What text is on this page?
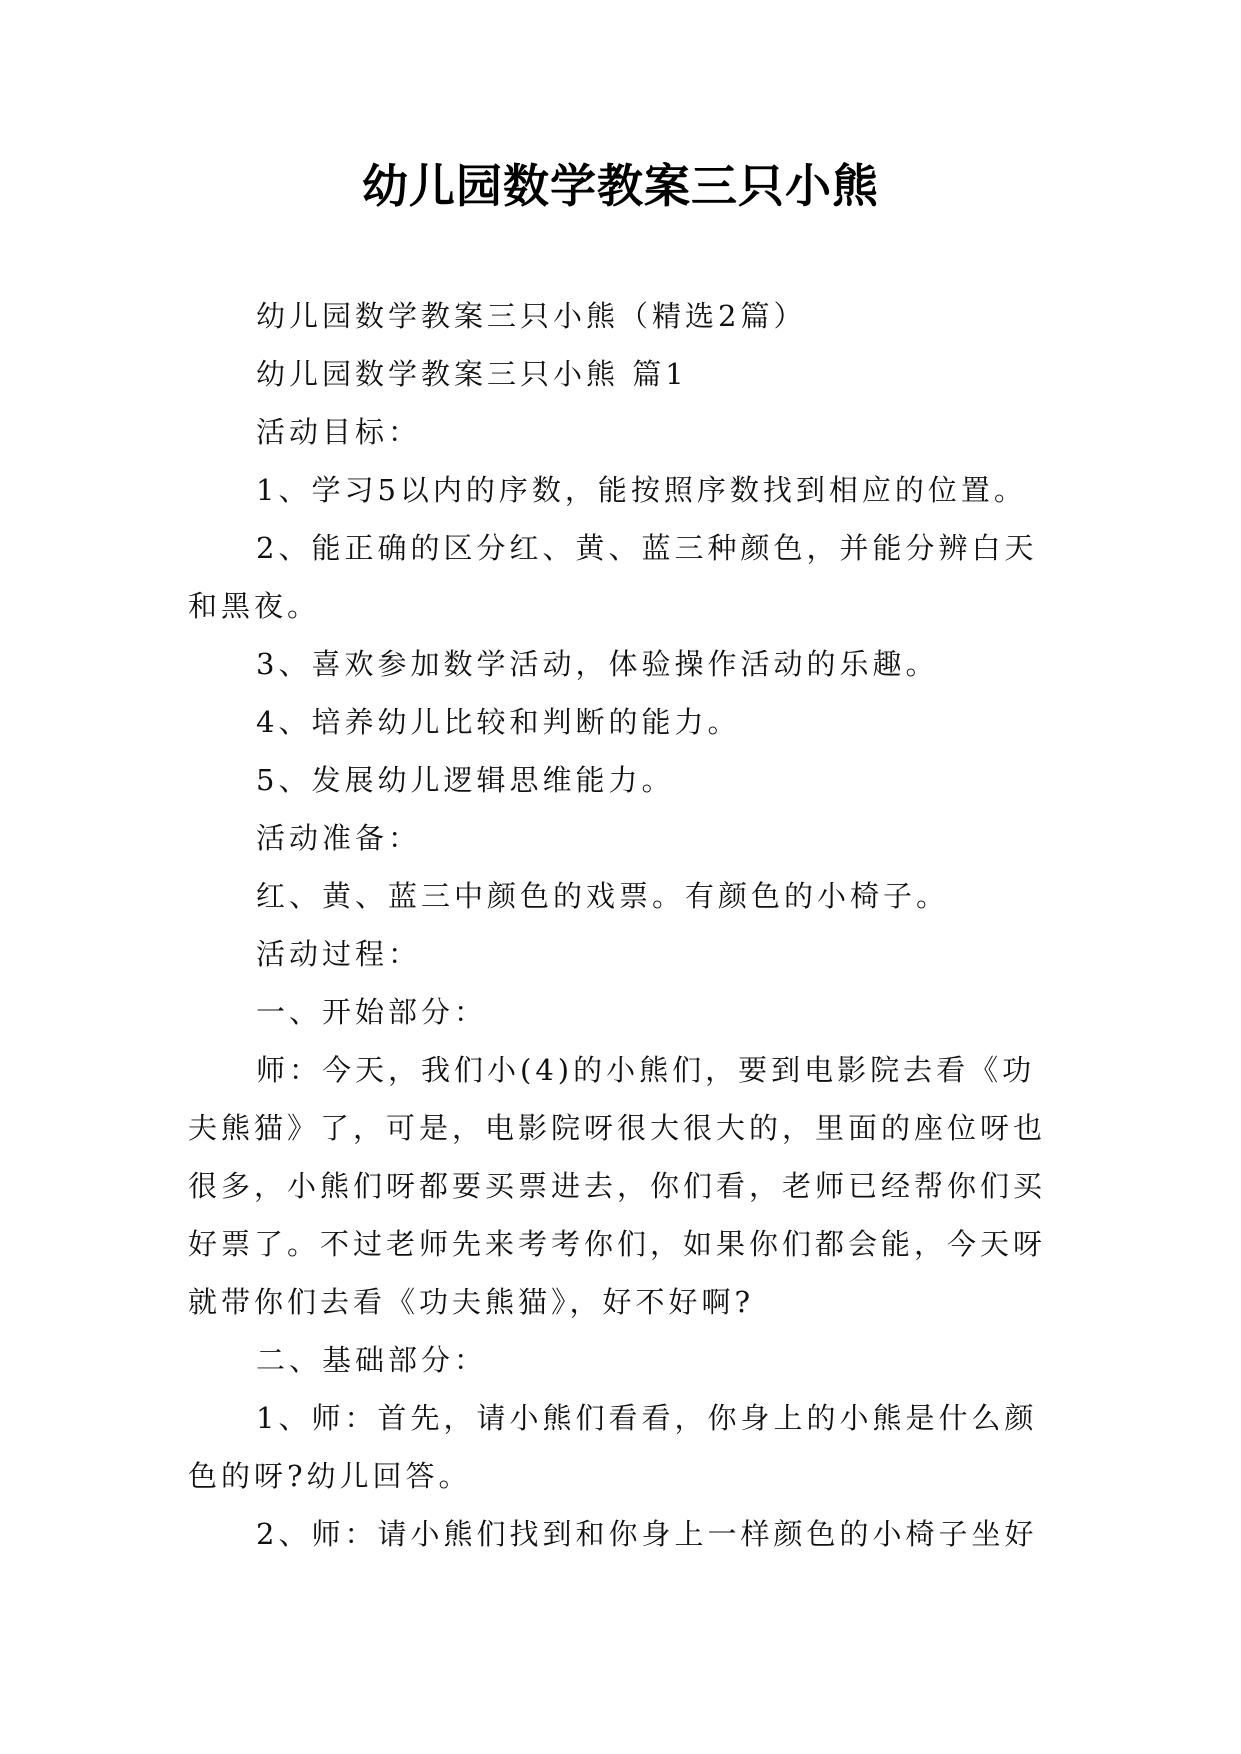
幼儿园数学教案三只小熊

幼儿园数学教案三只小熊（精选2篇）

幼儿园数学教案三只小熊 篇1

活动目标：

1、学习5以内的序数，能按照序数找到相应的位置。

2、能正确的区分红、黄、蓝三种颜色，并能分辨白天和黑夜。

3、喜欢参加数学活动，体验操作活动的乐趣。

4、培养幼儿比较和判断的能力。

5、发展幼儿逻辑思维能力。

活动准备：

红、黄、蓝三中颜色的戏票。有颜色的小椅子。

活动过程：

一、开始部分：

师：今天，我们小(4)的小熊们，要到电影院去看《功夫熊猫》了，可是，电影院呀很大很大的，里面的座位呀也很多，小熊们呀都要买票进去，你们看，老师已经帮你们买好票了。不过老师先来考考你们，如果你们都会能，今天呀就带你们去看《功夫熊猫》，好不好啊?

二、基础部分：

1、师：首先，请小熊们看看，你身上的小熊是什么颜色的呀?幼儿回答。

2、师：请小熊们找到和你身上一样颜色的小椅子坐好
